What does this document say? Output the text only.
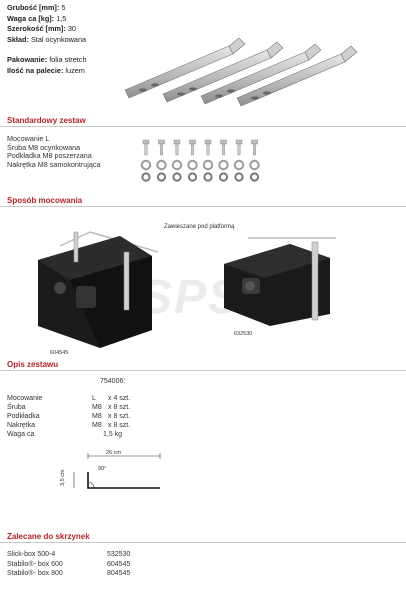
Grubość [mm]: 5
Waga ca [kg]: 1,5
Szerokość [mm]: 30
Skład: Stal ocynkowana
Pakowanie: folia stretch
Ilość na palecie: luzem
Standardowy zestaw
Mocowanie L
Śruba M8 ocynkowana
Podkładka M8 poszerzana
Nakrętka M8 samokontrująca
Sposób mocowania
Zawieszane pod platformą
604545
632530
Opis zestawu
754006:
Mocowanie	L x 4 szt.
Śruba	M8 x 8 szt.
Podkładka	M8 x 8 szt.
Nakrętka	M8 x 8 szt.
Waga ca	1,5 kg
26 cm
90°
3,5 cm
Zalecane do skrzynek
Slick-box 500-4	532530
Stabilo®- box 600	604545
Stabilo®- box 800	804545
